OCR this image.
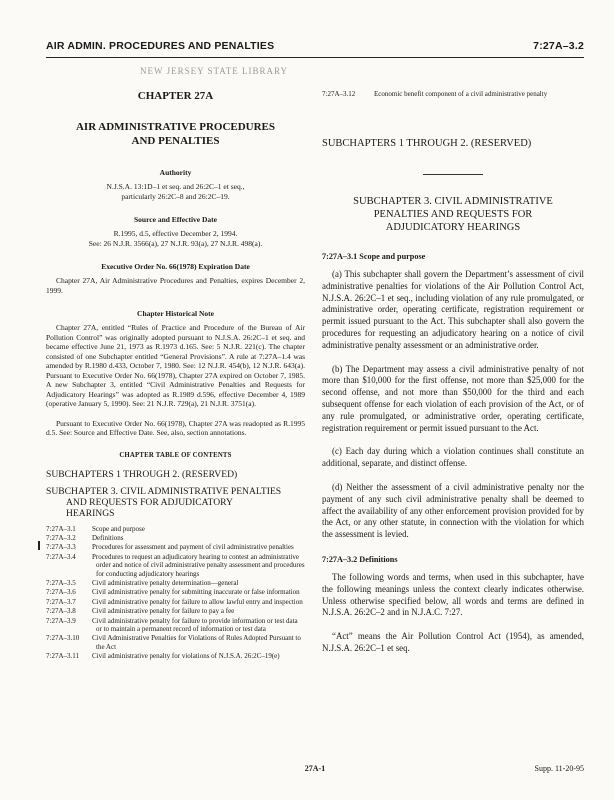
AIR ADMIN. PROCEDURES AND PENALTIES	7:27A–3.2
NEW JERSEY STATE LIBRARY
CHAPTER 27A
AIR ADMINISTRATIVE PROCEDURES
AND PENALTIES
Authority
N.J.S.A. 13:1D–1 et seq. and 26:2C–1 et seq.,
particularly 26:2C–8 and 26:2C–19.
Source and Effective Date
R.1995, d.5, effective December 2, 1994.
See: 26 N.J.R. 3566(a), 27 N.J.R. 93(a), 27 N.J.R. 498(a).
Executive Order No. 66(1978) Expiration Date
Chapter 27A, Air Administrative Procedures and Penalties, expires December 2, 1999.
Chapter Historical Note
Chapter 27A, entitled “Rules of Practice and Procedure of the Bureau of Air Pollution Control” was originally adopted pursuant to N.J.S.A. 26:2C–1 et seq. and became effective June 21, 1973 as R.1973 d.165. See: 5 N.J.R. 221(c). The chapter consisted of one Subchapter entitled “General Provisions”. A rule at 7:27A–1.4 was amended by R.1980 d.433, October 7, 1980. See: 12 N.J.R. 454(b), 12 N.J.R. 643(a). Pursuant to Executive Order No. 66(1978), Chapter 27A expired on October 7, 1985. A new Subchapter 3, entitled “Civil Administrative Penalties and Requests for Adjudicatory Hearings” was adopted as R.1989 d.596, effective December 4, 1989 (operative January 5, 1990). See: 21 N.J.R. 729(a), 21 N.J.R. 3751(a).
Pursuant to Executive Order No. 66(1978), Chapter 27A was readopted as R.1995 d.5. See: Source and Effective Date. See, also, section annotations.
CHAPTER TABLE OF CONTENTS
SUBCHAPTERS 1 THROUGH 2. (RESERVED)
SUBCHAPTER 3. CIVIL ADMINISTRATIVE PENALTIES
AND REQUESTS FOR ADJUDICATORY
HEARINGS
7:27A–3.1	Scope and purpose
7:27A–3.2	Definitions
7:27A–3.3	Procedures for assessment and payment of civil administrative penalties
7:27A–3.4	Procedures to request an adjudicatory hearing to contest an administrative order and notice of civil administrative penalty assessment and procedures for conducting adjudicatory hearings
7:27A–3.5	Civil administrative penalty determination—general
7:27A–3.6	Civil administrative penalty for submitting inaccurate or false information
7:27A–3.7	Civil administrative penalty for failure to allow lawful entry and inspection
7:27A–3.8	Civil administrative penalty for failure to pay a fee
7:27A–3.9	Civil administrative penalty for failure to provide information or test data or to maintain a permanent record of information or test data
7:27A–3.10	Civil Administrative Penalties for Violations of Rules Adopted Pursuant to the Act
7:27A–3.11	Civil administrative penalty for violations of N.J.S.A. 26:2C–19(e)
7:27A–3.12	Economic benefit component of a civil administrative penalty
SUBCHAPTERS 1 THROUGH 2. (RESERVED)
SUBCHAPTER 3. CIVIL ADMINISTRATIVE
PENALTIES AND REQUESTS FOR
ADJUDICATORY HEARINGS
7:27A–3.1 Scope and purpose
(a) This subchapter shall govern the Department’s assessment of civil administrative penalties for violations of the Air Pollution Control Act, N.J.S.A. 26:2C–1 et seq., including violation of any rule promulgated, or administrative order, operating certificate, registration requirement or permit issued pursuant to the Act. This subchapter shall also govern the procedures for requesting an adjudicatory hearing on a notice of civil administrative penalty assessment or an administrative order.
(b) The Department may assess a civil administrative penalty of not more than $10,000 for the first offense, not more than $25,000 for the second offense, and not more than $50,000 for the third and each subsequent offense for each violation of each provision of the Act, or of any rule promulgated, or administrative order, operating certificate, registration requirement or permit issued pursuant to the Act.
(c) Each day during which a violation continues shall constitute an additional, separate, and distinct offense.
(d) Neither the assessment of a civil administrative penalty nor the payment of any such civil administrative penalty shall be deemed to affect the availability of any other enforcement provision provided for by the Act, or any other statute, in connection with the violation for which the assessment is levied.
7:27A–3.2 Definitions
The following words and terms, when used in this subchapter, have the following meanings unless the context clearly indicates otherwise. Unless otherwise specified below, all words and terms are defined in N.J.S.A. 26:2C–2 and in N.J.A.C. 7:27.
“Act” means the Air Pollution Control Act (1954), as amended, N.J.S.A. 26:2C–1 et seq.
27A-1	Supp. 11-20-95
